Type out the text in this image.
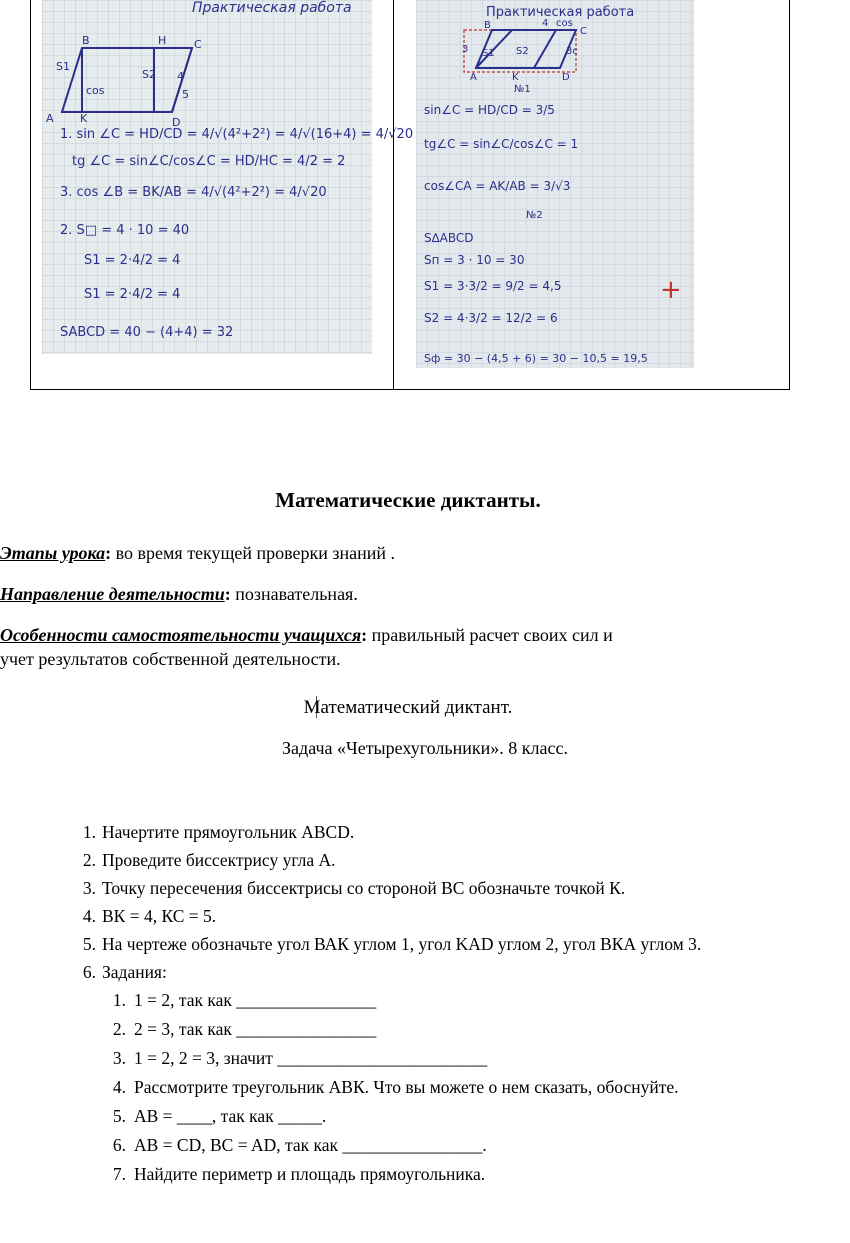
Практическая работа
B	H	C
A K	D
S1
S2
cos
4
5
1. sin ∠C = HD/CD = 4/√(4²+2²) = 4/√(16+4) = 4/√20
tg ∠C = sin∠C/cos∠C = HD/HC = 4/2 = 2
3. cos ∠B = BK/AB = 4/√(4²+2²) = 4/√20
2. S□ = 4 · 10 = 40
S1 = 2·4/2 = 4
S1 = 2·4/2 = 4
SABCD = 40 − (4+4) = 32
Практическая работа
B	4
C
cos
3 S1 S2	3c
A	K	D
№1
№2
sin∠C = HD/CD = 3/5
tg∠C = sin∠C/cos∠C = 1
cos∠CA = AK/AB = 3/√3
S∆ABCD
Sп = 3 · 10 = 30
S1 = 3·3/2 = 9/2 = 4,5
S2 = 4·3/2 = 12/2 = 6
Sф = 30 − (4,5 + 6) = 30 − 10,5 = 19,5
+
Математические диктанты.
Этапы урока: во время текущей проверки знаний .
Направление деятельности: познавательная.
Особенности самостоятельности учащихся: правильный расчет своих сил и
учет результатов собственной деятельности.
Математический диктант.
Задача «Четырехугольники». 8 класс.
1. Начертите прямоугольник ABCD.
2. Проведите биссектрису угла А.
3. Точку пересечения биссектрисы со стороной ВС обозначьте точкой К.
4. ВК = 4, КС = 5.
5. На чертеже обозначьте угол ВАК углом 1, угол KAD углом 2, угол ВКА углом 3.
6. Задания:
1. 1 = 2, так как ________________
2. 2 = 3, так как ________________
3. 1 = 2, 2 = 3, значит ________________________
4. Рассмотрите треугольник АВК. Что вы можете о нем сказать, обоснуйте.
5. АВ = ____, так как _____.
6. АВ = CD, BC = AD, так как ________________.
7. Найдите периметр и площадь прямоугольника.
